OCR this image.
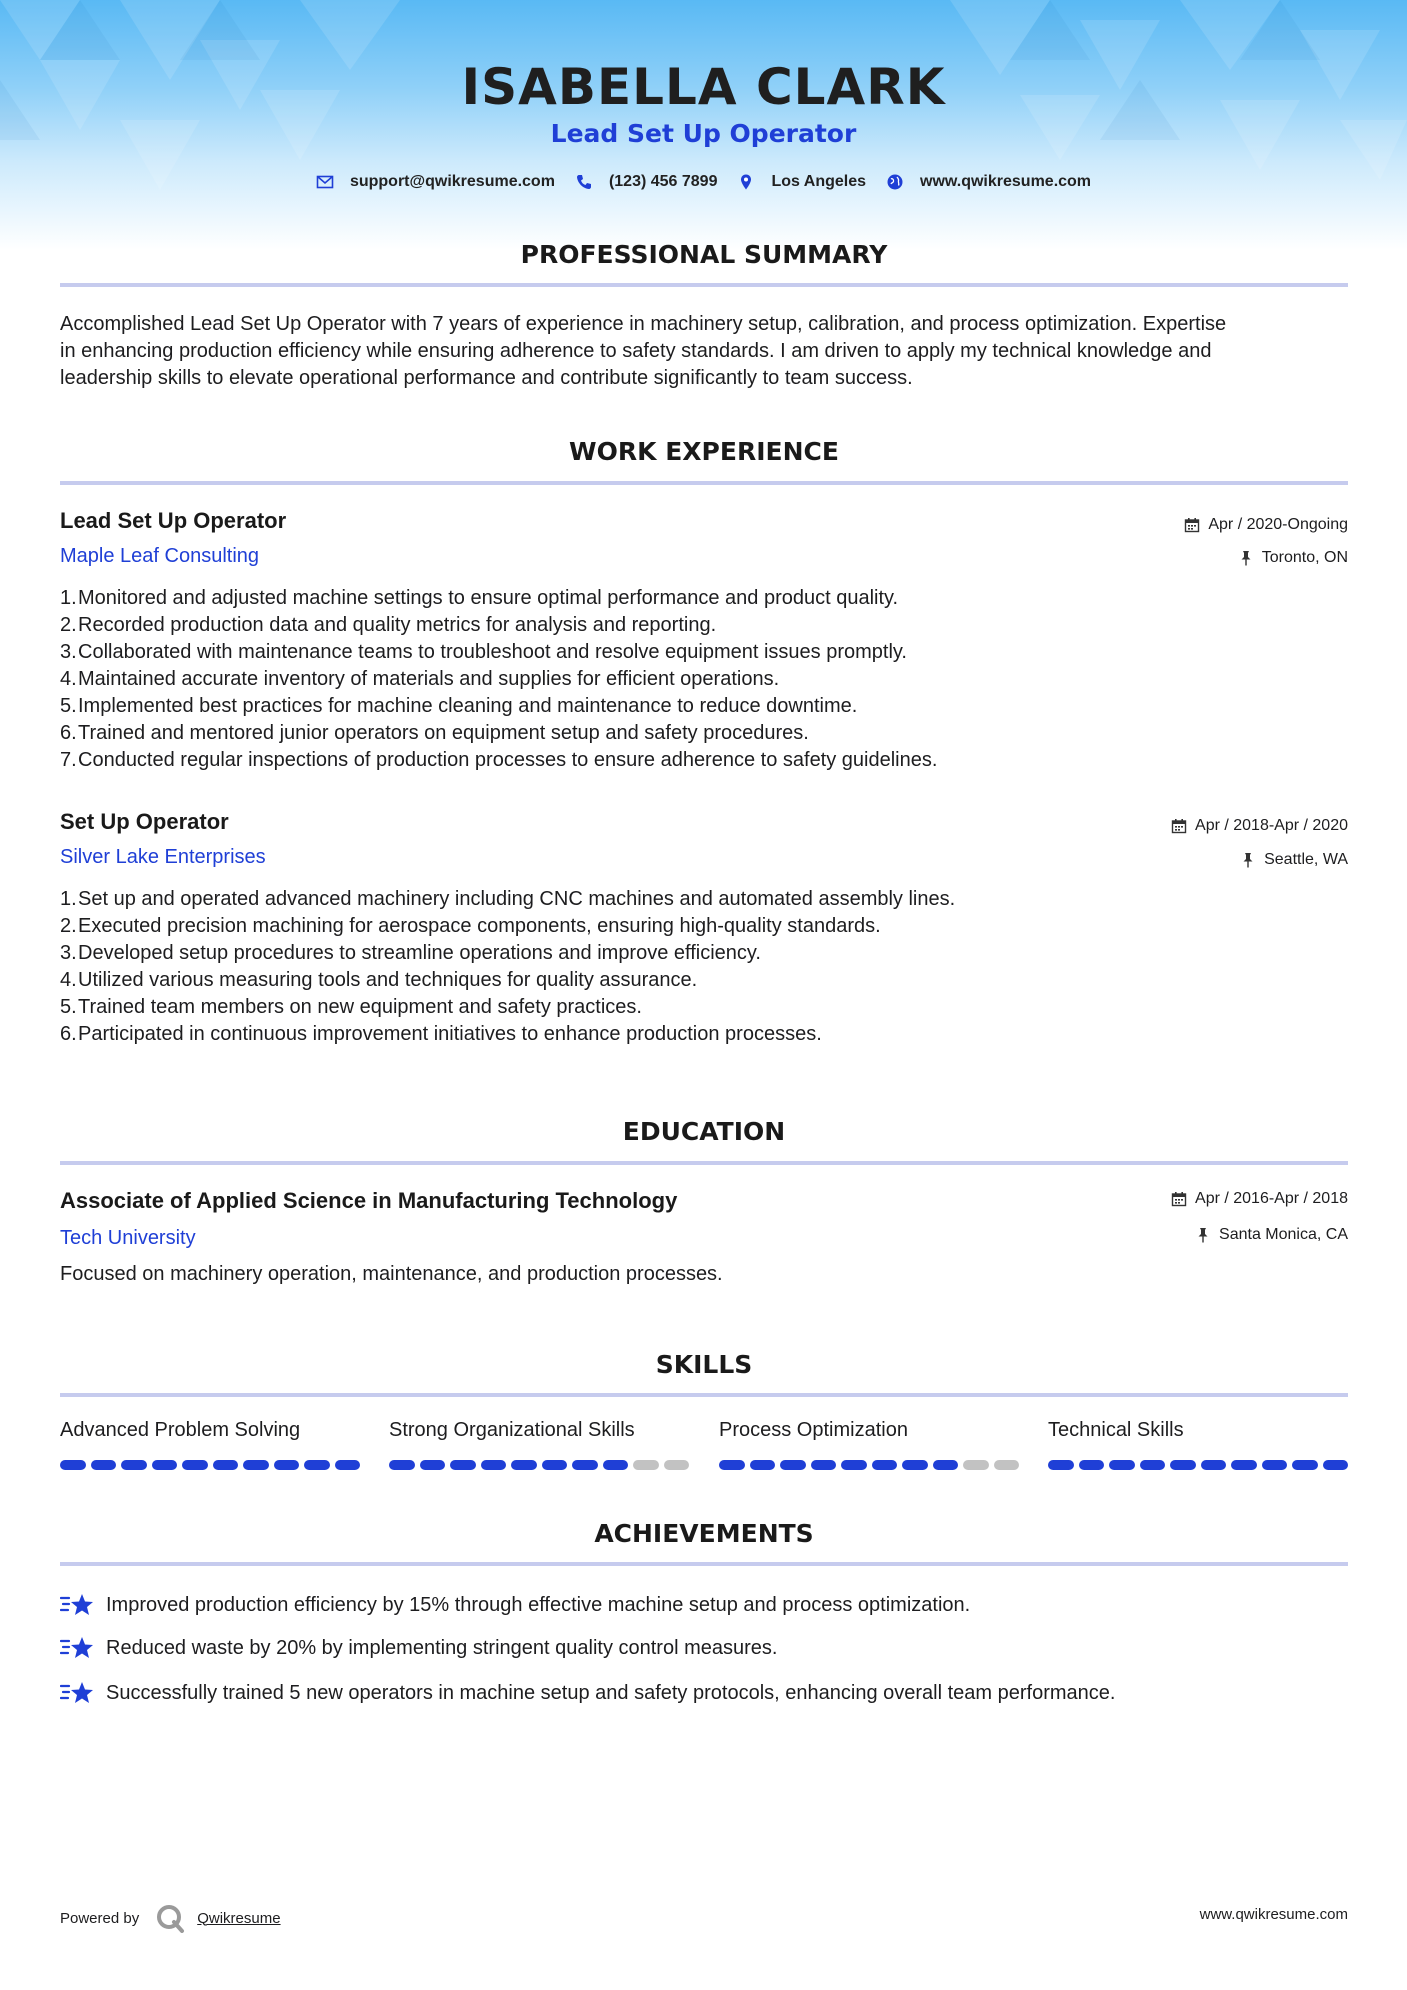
ISABELLA CLARK
Lead Set Up Operator
support@qwikresume.com	(123) 456 7899	Los Angeles	www.qwikresume.com
PROFESSIONAL SUMMARY
Accomplished Lead Set Up Operator with 7 years of experience in machinery setup, calibration, and process optimization. Expertise
in enhancing production efficiency while ensuring adherence to safety standards. I am driven to apply my technical knowledge and
leadership skills to elevate operational performance and contribute significantly to team success.
WORK EXPERIENCE
Lead Set Up Operator
Maple Leaf Consulting
Apr / 2020-Ongoing
Toronto, ON
1. Monitored and adjusted machine settings to ensure optimal performance and product quality.
2. Recorded production data and quality metrics for analysis and reporting.
3. Collaborated with maintenance teams to troubleshoot and resolve equipment issues promptly.
4. Maintained accurate inventory of materials and supplies for efficient operations.
5. Implemented best practices for machine cleaning and maintenance to reduce downtime.
6. Trained and mentored junior operators on equipment setup and safety procedures.
7. Conducted regular inspections of production processes to ensure adherence to safety guidelines.
Set Up Operator
Silver Lake Enterprises
Apr / 2018-Apr / 2020
Seattle, WA
1. Set up and operated advanced machinery including CNC machines and automated assembly lines.
2. Executed precision machining for aerospace components, ensuring high-quality standards.
3. Developed setup procedures to streamline operations and improve efficiency.
4. Utilized various measuring tools and techniques for quality assurance.
5. Trained team members on new equipment and safety practices.
6. Participated in continuous improvement initiatives to enhance production processes.
EDUCATION
Associate of Applied Science in Manufacturing Technology
Tech University
Apr / 2016-Apr / 2018
Santa Monica, CA
Focused on machinery operation, maintenance, and production processes.
SKILLS
Advanced Problem Solving	Strong Organizational Skills	Process Optimization	Technical Skills
ACHIEVEMENTS
Improved production efficiency by 15% through effective machine setup and process optimization.
Reduced waste by 20% by implementing stringent quality control measures.
Successfully trained 5 new operators in machine setup and safety protocols, enhancing overall team performance.
Powered by	Qwikresume	www.qwikresume.com
